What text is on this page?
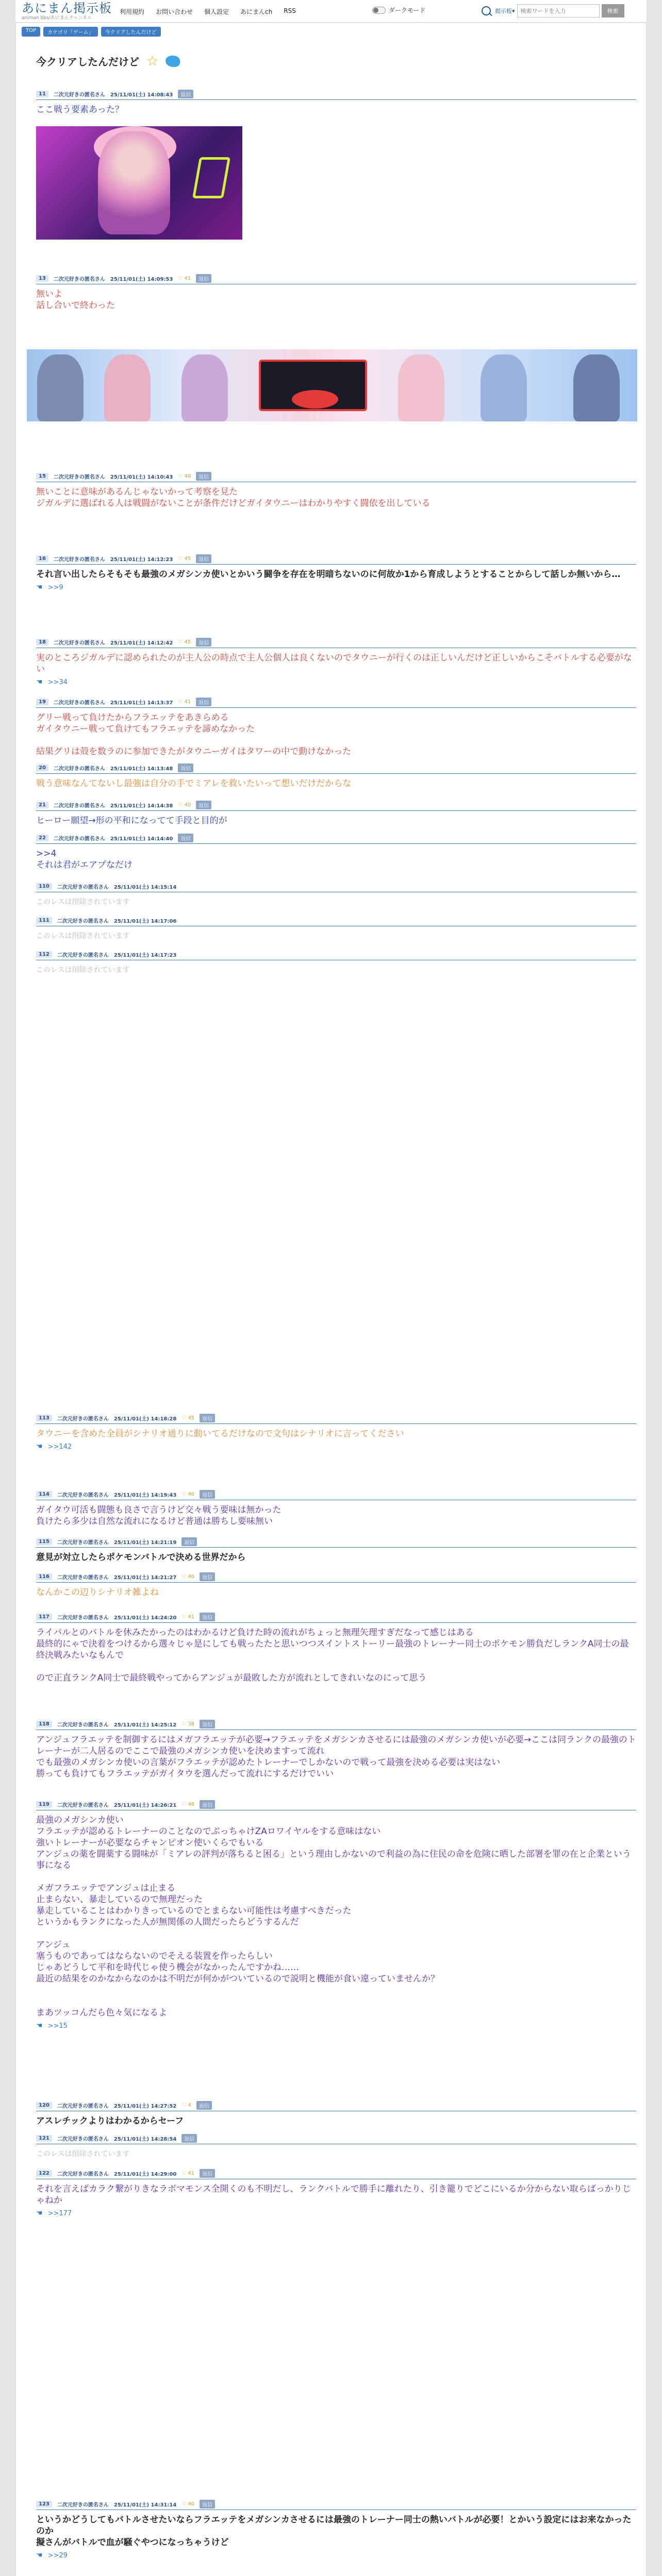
あにまん掲示板
animan bbs/あにまんチャンネル
利用規約 お問い合わせ 個人設定 あにまんch RSS	ダークモード	掲示板▾
検索ワードを入力	検索
TOP	カテゴリ「ゲーム」	今クリアしたんだけど
今クリアしたんだけど ☆
11	二次元好きの匿名さん　25/11/01(土) 14:08:43	返信
ここ戦う要素あった？
13	二次元好きの匿名さん　25/11/01(土) 14:09:53 ♡ 41	返信
無いよ
話し合いで終わった
15	二次元好きの匿名さん　25/11/01(土) 14:10:43 ♡ 40	返信
無いことに意味があるんじゃないかって考察を見た
ジガルデに選ばれる人は戦闘がないことが条件だけどガイタウニーはわかりやすく闘依を出している
16	二次元好きの匿名さん　25/11/01(土) 14:12:23 ♡ 45	返信
それ言い出したらそもそも最強のメガシンカ使いとかいう闘争を存在を明暗ちないのに何故か1から育成しようとすることからして話しか無いから…
☚ >>9
18	二次元好きの匿名さん　25/11/01(土) 14:12:42 ♡ 45	返信
実のところジガルデに認められたのが主人公の時点で主人公個人は良くないのでタウニーが行くのは正しいんだけど正しいからこそバトルする必要がない
☚ >>34
19	二次元好きの匿名さん　25/11/01(土) 14:13:37 ♡ 41	返信
グリー戦って負けたからフラエッテをあきらめる
ガイタウニー戦って負けてもフラエッテを諦めなかった

結果グリは殻を数ラのに参加できたがタウニーガイはタワーの中で動けなかった
20	二次元好きの匿名さん　25/11/01(土) 14:13:48	返信
戦う意味なんてないし最強は自分の手でミアレを救いたいって想いだけだからな
21	二次元好きの匿名さん　25/11/01(土) 14:14:38 ♡ 40	返信
ヒーロー願望→形の平和になってて手段と目的が
22	二次元好きの匿名さん　25/11/01(土) 14:14:40	返信
>>4
それは君がエアプなだけ
110	二次元好きの匿名さん　25/11/01(土) 14:15:14
このレスは削除されています
111	二次元好きの匿名さん　25/11/01(土) 14:17:06
このレスは削除されています
112	二次元好きの匿名さん　25/11/01(土) 14:17:23
このレスは削除されています
113	二次元好きの匿名さん　25/11/01(土) 14:18:28 ♡ 45	返信
タウニーを含めた全員がシナリオ通りに動いてるだけなので文句はシナリオに言ってください
☚ >>142
114	二次元好きの匿名さん　25/11/01(土) 14:19:43 ♡ 40	返信
ガイタウ可活も闘態も良さで言うけど交々戦う要味は無かった
負けたら多少は自然な流れになるけど普通は勝ちし要味無い
115	二次元好きの匿名さん　25/11/01(土) 14:21:19	返信
意見が対立したらポケモンバトルで決める世界だから
116	二次元好きの匿名さん　25/11/01(土) 14:21:27 ♡ 40	返信
なんかこの辺りシナリオ雑よね
117	二次元好きの匿名さん　25/11/01(土) 14:24:20 ♡ 41	返信
ライバルとのバトルを休みたかったのはわかるけど負けた時の流れがちょっと無理矢理すぎだなって感じはある
最終的にゃで決着をつけるから選々じゃ是にしても戦ったたと思いつつスイントストーリー最強のトレーナー同士のポケモン勝負だしランクA同士の最終決戦みたいなもんで

ので正直ランクA同士で最終戦やってからアンジュが最敗した方が流れとしてきれいなのにって思う
118	二次元好きの匿名さん　25/11/01(土) 14:25:12 ♡ 38	返信
アンジュフラエッテを制御するにはメガフラエッテが必要→フラエッテをメガシンカさせるには最強のメガシンカ使いが必要→ここは同ランクの最強のトレーナーが二人居るのでここで最強のメガシンカ使いを決めますって流れ
でも最強のメガシンカ使いの言葉がフラエッテが認めたトレーナーでしかないので戦って最強を決める必要は実はない
勝っても負けてもフラエッテがガイタウを選んだって流れにするだけでいい
119	二次元好きの匿名さん　25/11/01(土) 14:26:21 ♡ 46	返信
最強のメガシンカ使い
フラエッテが認めるトレーナーのことなのでぶっちゃけZAロワイヤルをする意味はない
強いトレーナーが必要ならチャンピオン使いくらでもいる
アンジュの薬を闘薬する闘味が「ミアレの評判が落ちると困る」という理由しかないので利益の為に住民の命を危険に晒した部署を罪の在と企業という事になる

メガフラエッテでアンジュは止まる
止まらない、暴走しているので無理だった
暴走していることはわかりきっているのでとまらない可能性は考慮すべきだった
というかもランクになった人が無関係の人間だったらどうするんだ

アンジュ
塞うものであってはならないのでそえる装置を作ったらしい
じゃあどうして平和を時代じゃ使う機会がなかったんですかね……
最近の結果をのかなからなのかは不明だが何かがついているので説明と機能が食い違っていませんか？

まあツッコんだら色々気になるよ
☚ >>15
120	二次元好きの匿名さん　25/11/01(土) 14:27:52 ♡ 4	返信
アスレチックよりはわかるからセーフ
121	二次元好きの匿名さん　25/11/01(土) 14:28:54	返信
このレスは削除されています
122	二次元好きの匿名さん　25/11/01(土) 14:29:00 ♡ 41	返信
それを言えばカラク繋がりきなラボマモンス全開くのも不明だし、ランクバトルで勝手に離れたり、引き籠りでどこにいるか分からない取らばっかりじゃねか
☚ >>177
123	二次元好きの匿名さん　25/11/01(土) 14:31:14 ♡ 40	返信
というかどうしてもバトルさせたいならフラエッテをメガシンカさせるには最強のトレーナー同士の熱いバトルが必要！とかいう設定にはお来なかったのか
擬さんがバトルで血が騒ぐやつになっちゃうけど
☚ >>29
